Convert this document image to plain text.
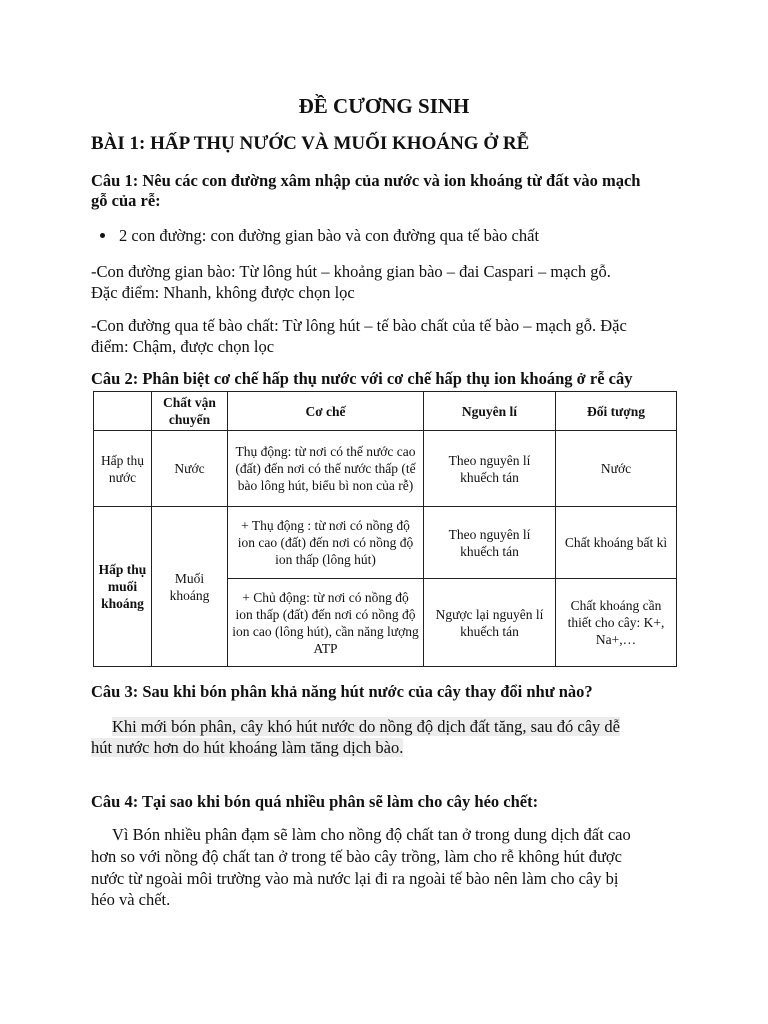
ĐỀ CƯƠNG SINH
BÀI 1: HẤP THỤ NƯỚC VÀ MUỐI KHOÁNG Ở RỄ
Câu 1: Nêu các con đường xâm nhập của nước và ion khoáng từ đất vào mạch
gỗ của rễ:
2 con đường: con đường gian bào và con đường qua tế bào chất
-Con đường gian bào: Từ lông hút – khoảng gian bào – đai Caspari – mạch gỗ.
Đặc điểm: Nhanh, không được chọn lọc
-Con đường qua tế bào chất: Từ lông hút – tế bào chất của tế bào – mạch gỗ. Đặc
điểm: Chậm, được chọn lọc
Câu 2: Phân biệt cơ chế hấp thụ nước với cơ chế hấp thụ ion khoáng ở rễ cây
	Chất vận chuyển	Cơ chế	Nguyên lí	Đối tượng
Hấp thụ nước	Nước	Thụ động: từ nơi có thế nước cao (đất) đến nơi có thế nước thấp (tế bào lông hút, biểu bì non của rễ)	Theo nguyên lí khuếch tán	Nước
Hấp thụ muối khoáng	Muối khoáng	+ Thụ động : từ nơi có nồng độ ion cao (đất) đến nơi có nồng độ ion thấp (lông hút)	Theo nguyên lí khuếch tán	Chất khoáng bất kì
		+ Chủ động: từ nơi có nồng độ ion thấp (đất) đến nơi có nồng độ ion cao (lông hút), cần năng lượng ATP	Ngược lại nguyên lí khuếch tán	Chất khoáng cần thiết cho cây: K+, Na+,…
Câu 3: Sau khi bón phân khả năng hút nước của cây thay đổi như nào?
Khi mới bón phân, cây khó hút nước do nồng độ dịch đất tăng, sau đó cây dễ
hút nước hơn do hút khoáng làm tăng dịch bào.
Câu 4: Tại sao khi bón quá nhiều phân sẽ làm cho cây héo chết:
Vì Bón nhiều phân đạm sẽ làm cho nồng độ chất tan ở trong dung dịch đất cao
hơn so với nồng độ chất tan ở trong tế bào cây trồng, làm cho rễ không hút được
nước từ ngoài môi trường vào mà nước lại đi ra ngoài tế bào nên làm cho cây bị
héo và chết.
